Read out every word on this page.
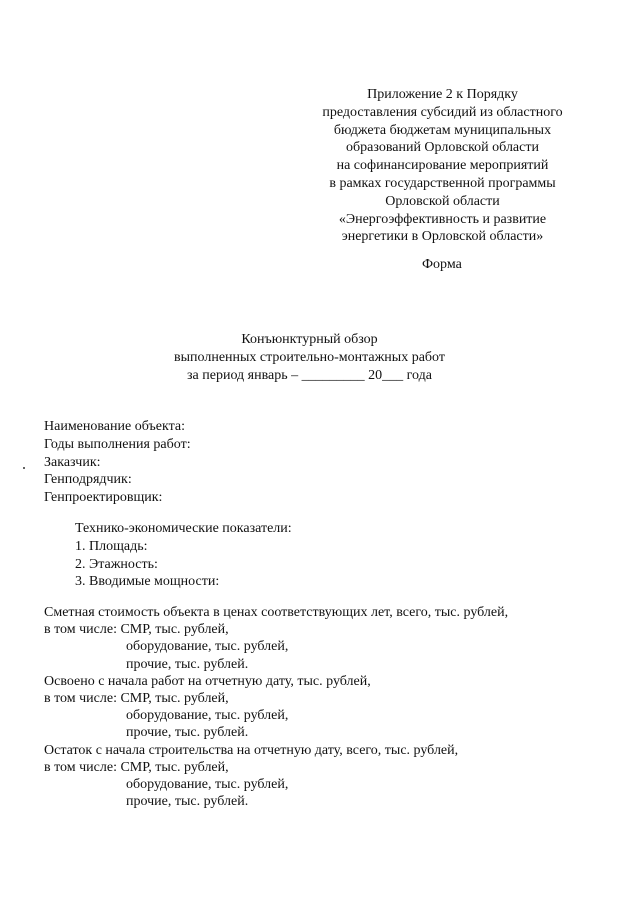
Приложение 2 к Порядку
предоставления субсидий из областного
бюджета бюджетам муниципальных
образований Орловской области
на софинансирование мероприятий
в рамках государственной программы
Орловской области
«Энергоэффективность и развитие
энергетики в Орловской области»
Форма
Конъюнктурный обзор
выполненных строительно-монтажных работ
за период январь – _________ 20___ года
Наименование объекта:
Годы выполнения работ:
Заказчик:
Генподрядчик:
Генпроектировщик:
Технико-экономические показатели:
1. Площадь:
2. Этажность:
3. Вводимые мощности:
Сметная стоимость объекта в ценах соответствующих лет, всего, тыс. рублей,
в том числе: СМР, тыс. рублей,
оборудование, тыс. рублей,
прочие, тыс. рублей.
Освоено с начала работ на отчетную дату, тыс. рублей,
в том числе: СМР, тыс. рублей,
оборудование, тыс. рублей,
прочие, тыс. рублей.
Остаток с начала строительства на отчетную дату, всего, тыс. рублей,
в том числе: СМР, тыс. рублей,
оборудование, тыс. рублей,
прочие, тыс. рублей.
